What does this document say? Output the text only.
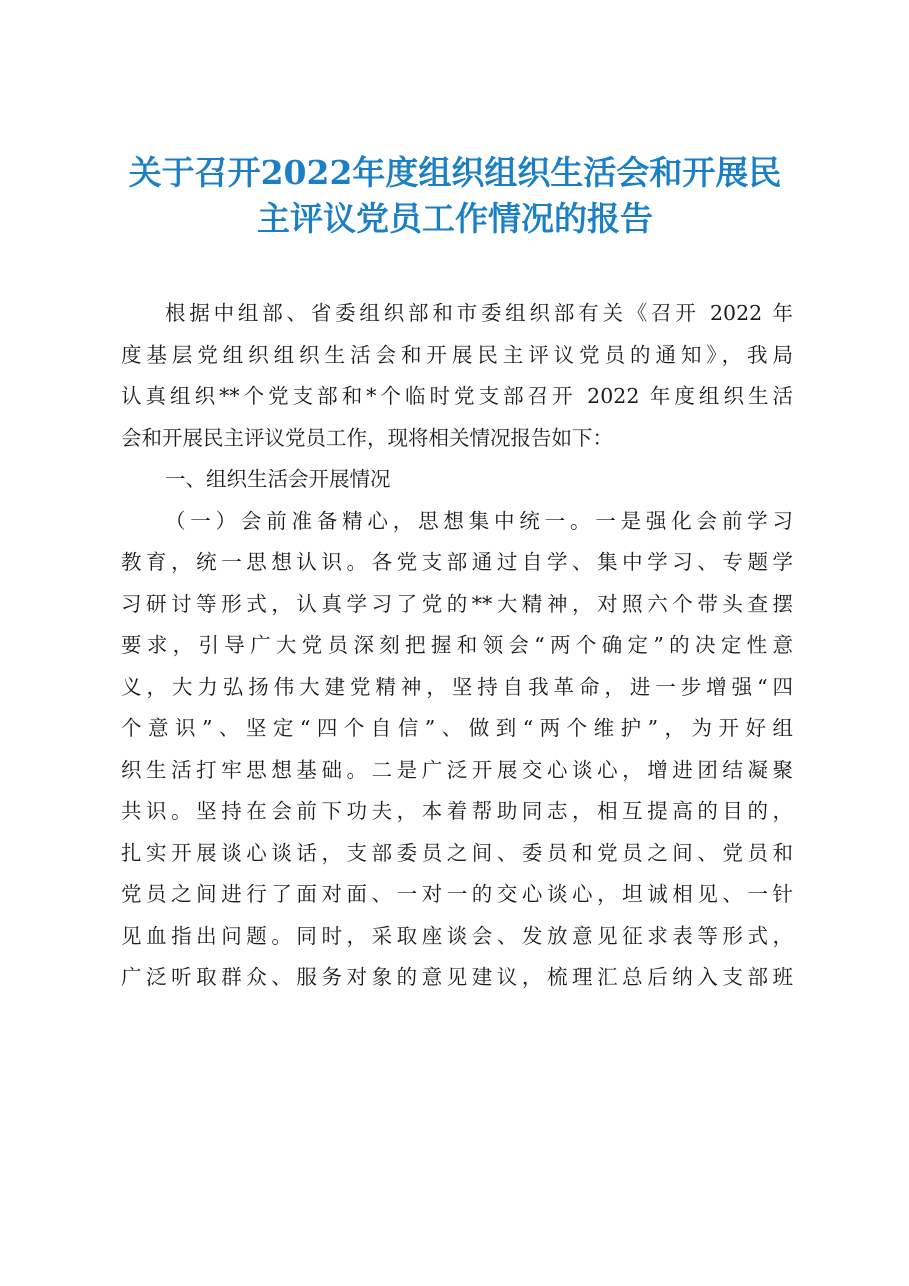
关于召开2022年度组织组织生活会和开展民
主评议党员工作情况的报告
根据中组部、省委组织部和市委组织部有关《召开 2022 年
度基层党组织组织生活会和开展民主评议党员的通知》，我局
认真组织**个党支部和*个临时党支部召开 2022 年度组织生活
会和开展民主评议党员工作，现将相关情况报告如下：
一、组织生活会开展情况
（一）会前准备精心，思想集中统一。一是强化会前学习
教育，统一思想认识。各党支部通过自学、集中学习、专题学
习研讨等形式，认真学习了党的**大精神，对照六个带头查摆
要求，引导广大党员深刻把握和领会“两个确定”的决定性意
义，大力弘扬伟大建党精神，坚持自我革命，进一步增强“四
个意识”、坚定“四个自信”、做到“两个维护”，为开好组
织生活打牢思想基础。二是广泛开展交心谈心，增进团结凝聚
共识。坚持在会前下功夫，本着帮助同志，相互提高的目的，
扎实开展谈心谈话，支部委员之间、委员和党员之间、党员和
党员之间进行了面对面、一对一的交心谈心，坦诚相见、一针
见血指出问题。同时，采取座谈会、发放意见征求表等形式，
广泛听取群众、服务对象的意见建议，梳理汇总后纳入支部班
